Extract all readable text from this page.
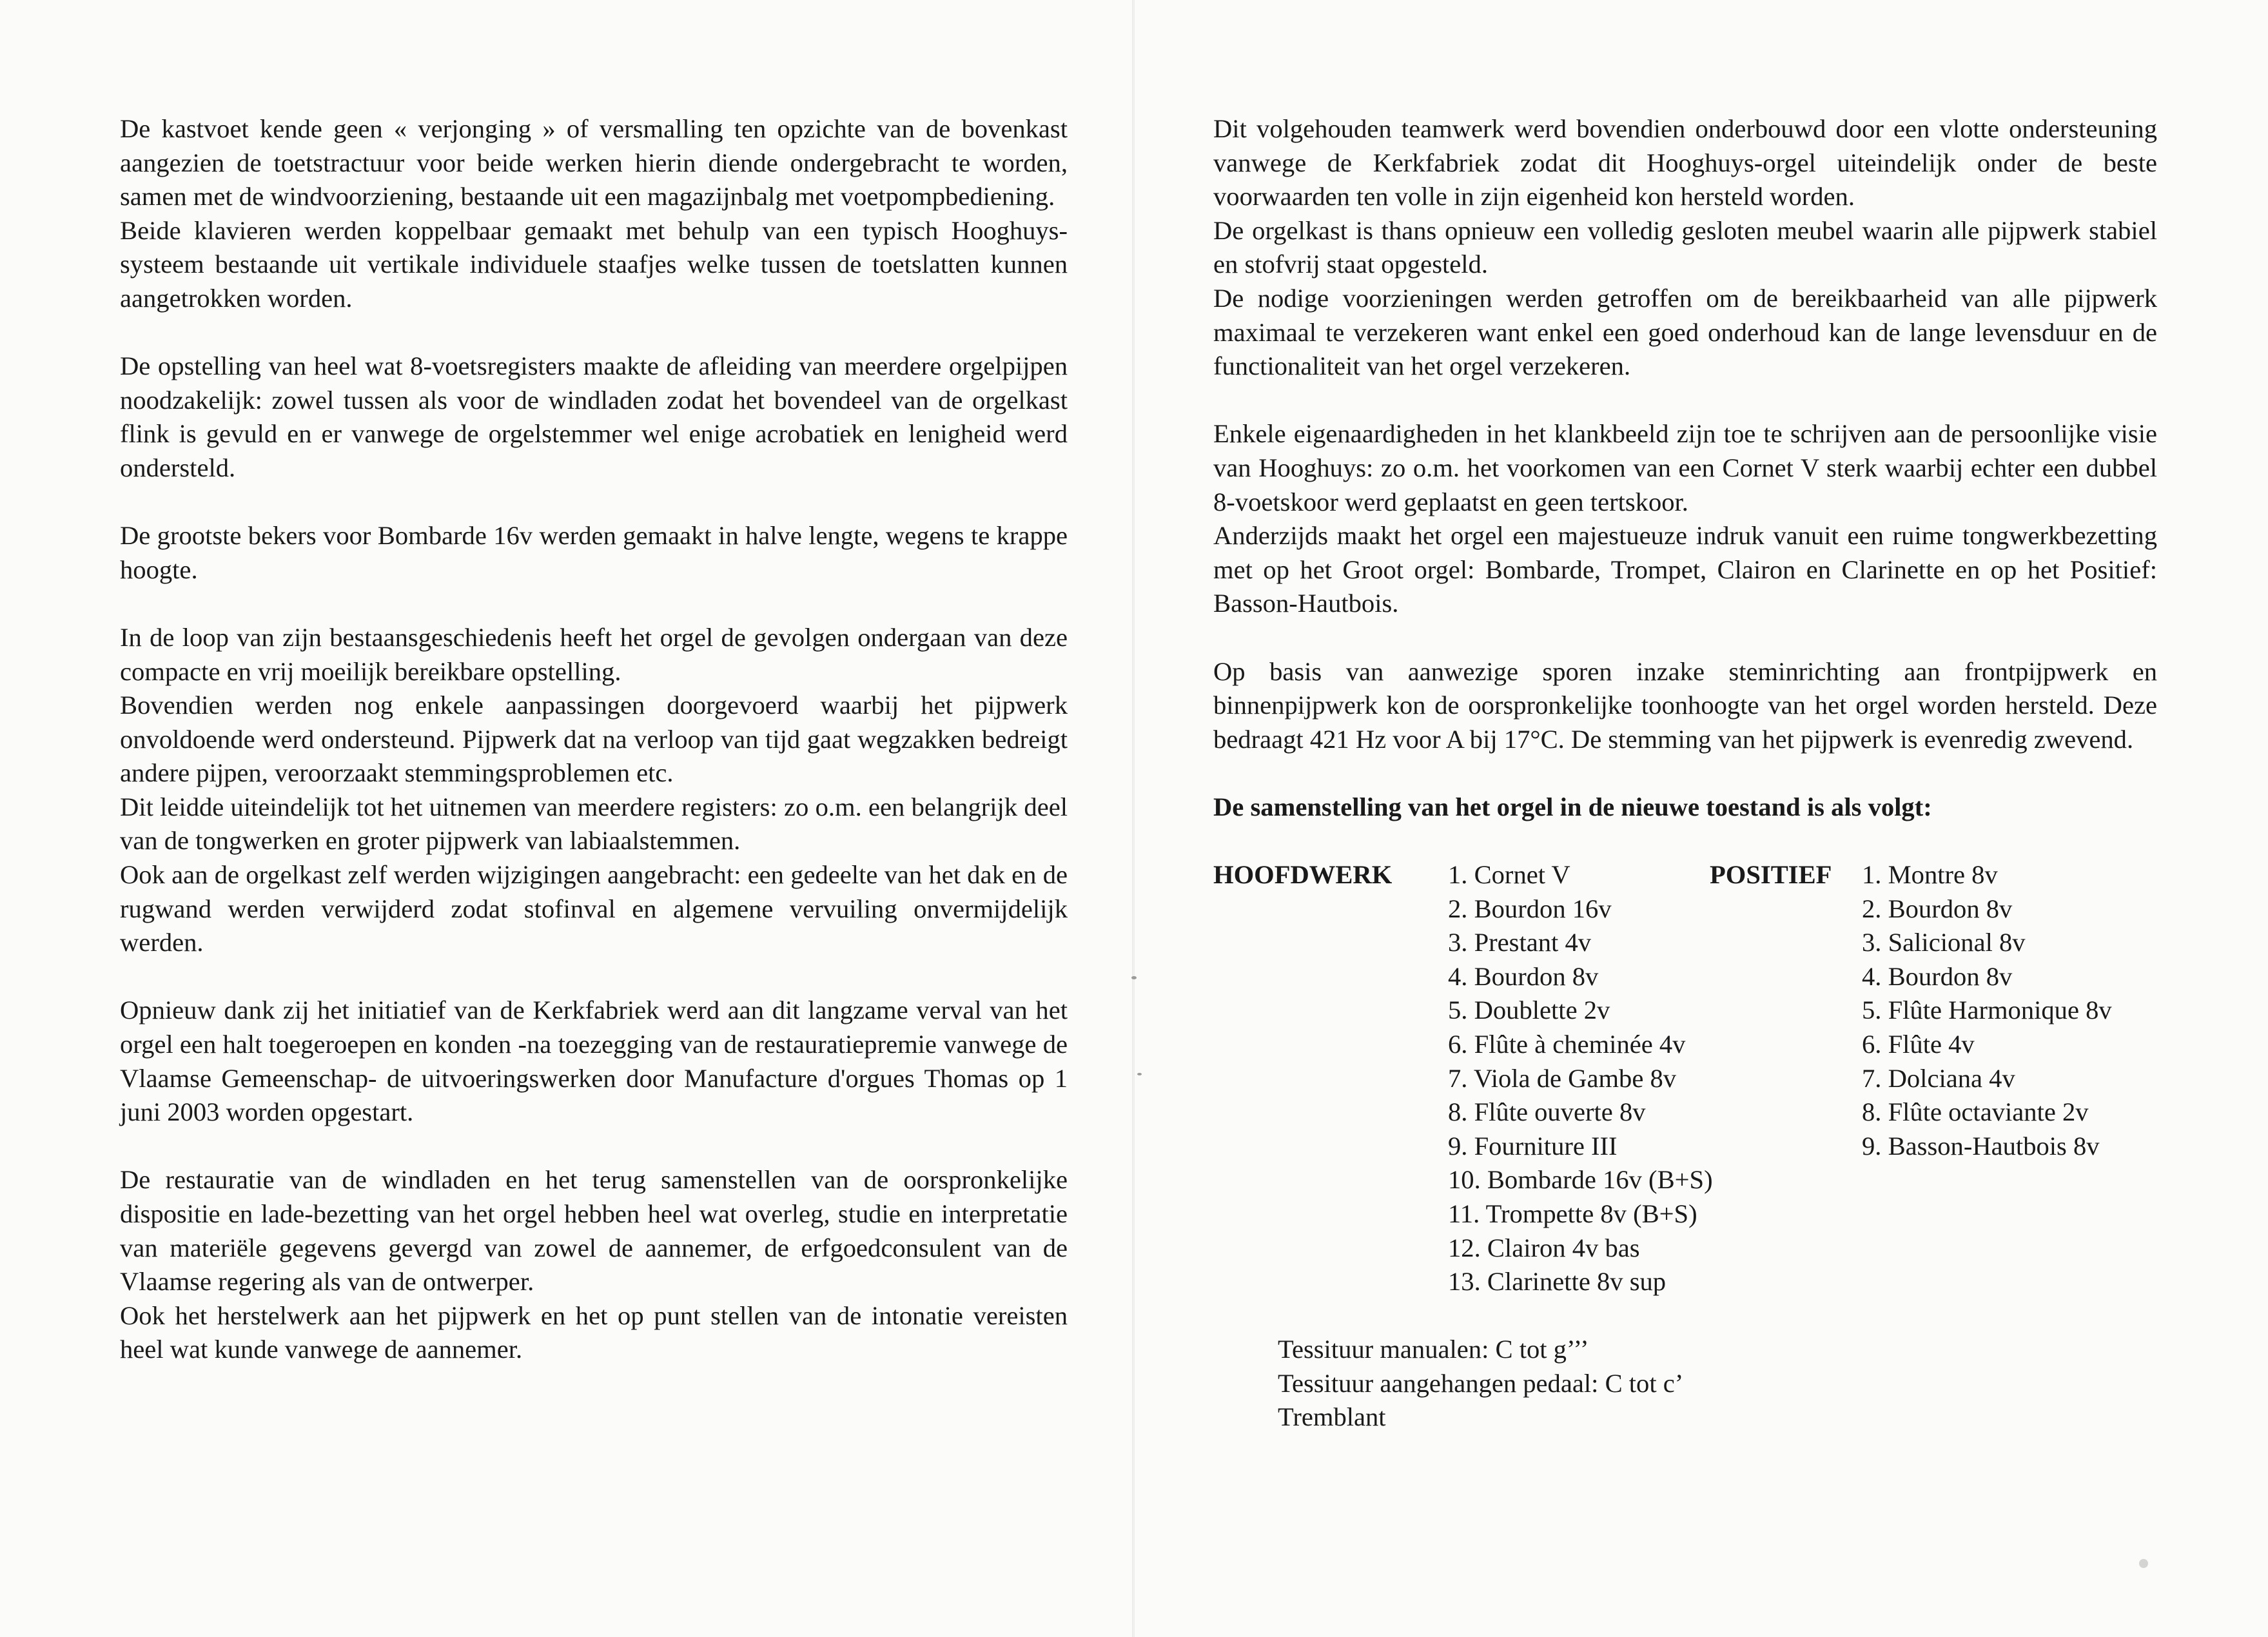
De kastvoet kende geen « verjonging » of versmalling ten opzichte van de bovenkast aangezien de toetstractuur voor beide werken hierin diende ondergebracht te worden, samen met de windvoorziening, bestaande uit een magazijnbalg met voetpompbediening.

Beide klavieren werden koppelbaar gemaakt met behulp van een typisch Hooghuys-systeem bestaande uit vertikale individuele staafjes welke tussen de toetslatten kunnen aangetrokken worden.

De opstelling van heel wat 8-voetsregisters maakte de afleiding van meerdere orgelpijpen noodzakelijk: zowel tussen als voor de windladen zodat het bovendeel van de orgelkast flink is gevuld en er vanwege de orgelstemmer wel enige acrobatiek en lenigheid werd ondersteld.

De grootste bekers voor Bombarde 16v werden gemaakt in halve lengte, wegens te krappe hoogte.

In de loop van zijn bestaansgeschiedenis heeft het orgel de gevolgen ondergaan van deze compacte en vrij moeilijk bereikbare opstelling.

Bovendien werden nog enkele aanpassingen doorgevoerd waarbij het pijpwerk onvoldoende werd ondersteund. Pijpwerk dat na verloop van tijd gaat wegzakken bedreigt andere pijpen, veroorzaakt stemmingsproblemen etc.

Dit leidde uiteindelijk tot het uitnemen van meerdere registers: zo o.m. een belangrijk deel van de tongwerken en groter pijpwerk van labiaalstemmen.

Ook aan de orgelkast zelf werden wijzigingen aangebracht: een gedeelte van het dak en de rugwand werden verwijderd zodat stofinval en algemene vervuiling onvermijdelijk werden.

Opnieuw dank zij het initiatief van de Kerkfabriek werd aan dit langzame verval van het orgel een halt toegeroepen en konden -na toezegging van de restauratiepremie vanwege de Vlaamse Gemeenschap- de uitvoeringswerken door Manufacture d'orgues Thomas op 1 juni 2003 worden opgestart.

De restauratie van de windladen en het terug samenstellen van de oorspronkelijke dispositie en lade-bezetting van het orgel hebben heel wat overleg, studie en interpretatie van materiële gegevens gevergd van zowel de aannemer, de erfgoedconsulent van de Vlaamse regering als van de ontwerper.

Ook het herstelwerk aan het pijpwerk en het op punt stellen van de intonatie vereisten heel wat kunde vanwege de aannemer.

Dit volgehouden teamwerk werd bovendien onderbouwd door een vlotte ondersteuning vanwege de Kerkfabriek zodat dit Hooghuys-orgel uiteindelijk onder de beste voorwaarden ten volle in zijn eigenheid kon hersteld worden.

De orgelkast is thans opnieuw een volledig gesloten meubel waarin alle pijpwerk stabiel en stofvrij staat opgesteld.

De nodige voorzieningen werden getroffen om de bereikbaarheid van alle pijpwerk maximaal te verzekeren want enkel een goed onderhoud kan de lange levensduur en de functionaliteit van het orgel verzekeren.

Enkele eigenaardigheden in het klankbeeld zijn toe te schrijven aan de persoonlijke visie van Hooghuys: zo o.m. het voorkomen van een Cornet V sterk waarbij echter een dubbel 8-voetskoor werd geplaatst en geen tertskoor.

Anderzijds maakt het orgel een majestueuze indruk vanuit een ruime tongwerkbezetting met op het Groot orgel: Bombarde, Trompet, Clairon en Clarinette en op het Positief: Basson-Hautbois.

Op basis van aanwezige sporen inzake steminrichting aan frontpijpwerk en binnenpijpwerk kon de oorspronkelijke toonhoogte van het orgel worden hersteld. Deze bedraagt 421 Hz voor A bij 17°C. De stemming van het pijpwerk is evenredig zwevend.

De samenstelling van het orgel in de nieuwe toestand is als volgt:

HOOFDWERK 1. Cornet V
2. Bourdon 16v
3. Prestant 4v
4. Bourdon 8v
5. Doublette 2v
6. Flûte à cheminée 4v
7. Viola de Gambe 8v
8. Flûte ouverte 8v
9. Fourniture III
10. Bombarde 16v (B+S)
11. Trompette 8v (B+S)
12. Clairon 4v bas
13. Clarinette 8v sup
POSITIEF 1. Montre 8v
2. Bourdon 8v
3. Salicional 8v
4. Bourdon 8v
5. Flûte Harmonique 8v
6. Flûte 4v
7. Dolciana 4v
8. Flûte octaviante 2v
9. Basson-Hautbois 8v
Tessituur manualen: C tot g’’’
Tessituur aangehangen pedaal: C tot c’
Tremblant
